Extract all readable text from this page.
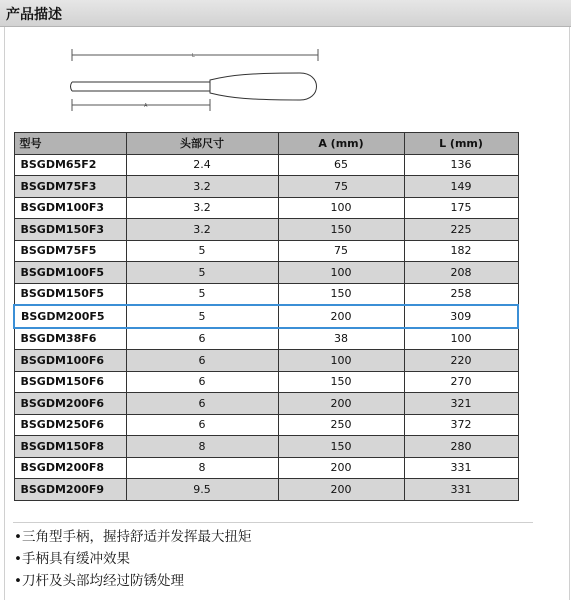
产品描述
L
A
型号	头部尺寸	A (mm)	L (mm)
BSGDM65F2	2.4	65	136
BSGDM75F3	3.2	75	149
BSGDM100F3	3.2	100	175
BSGDM150F3	3.2	150	225
BSGDM75F5	5	75	182
BSGDM100F5	5	100	208
BSGDM150F5	5	150	258
BSGDM200F5	5	200	309
BSGDM38F6	6	38	100
BSGDM100F6	6	100	220
BSGDM150F6	6	150	270
BSGDM200F6	6	200	321
BSGDM250F6	6	250	372
BSGDM150F8	8	150	280
BSGDM200F8	8	200	331
BSGDM200F9	9.5	200	331
•三角型手柄，握持舒适并发挥最大扭矩
•手柄具有缓冲效果
•刀杆及头部均经过防锈处理
